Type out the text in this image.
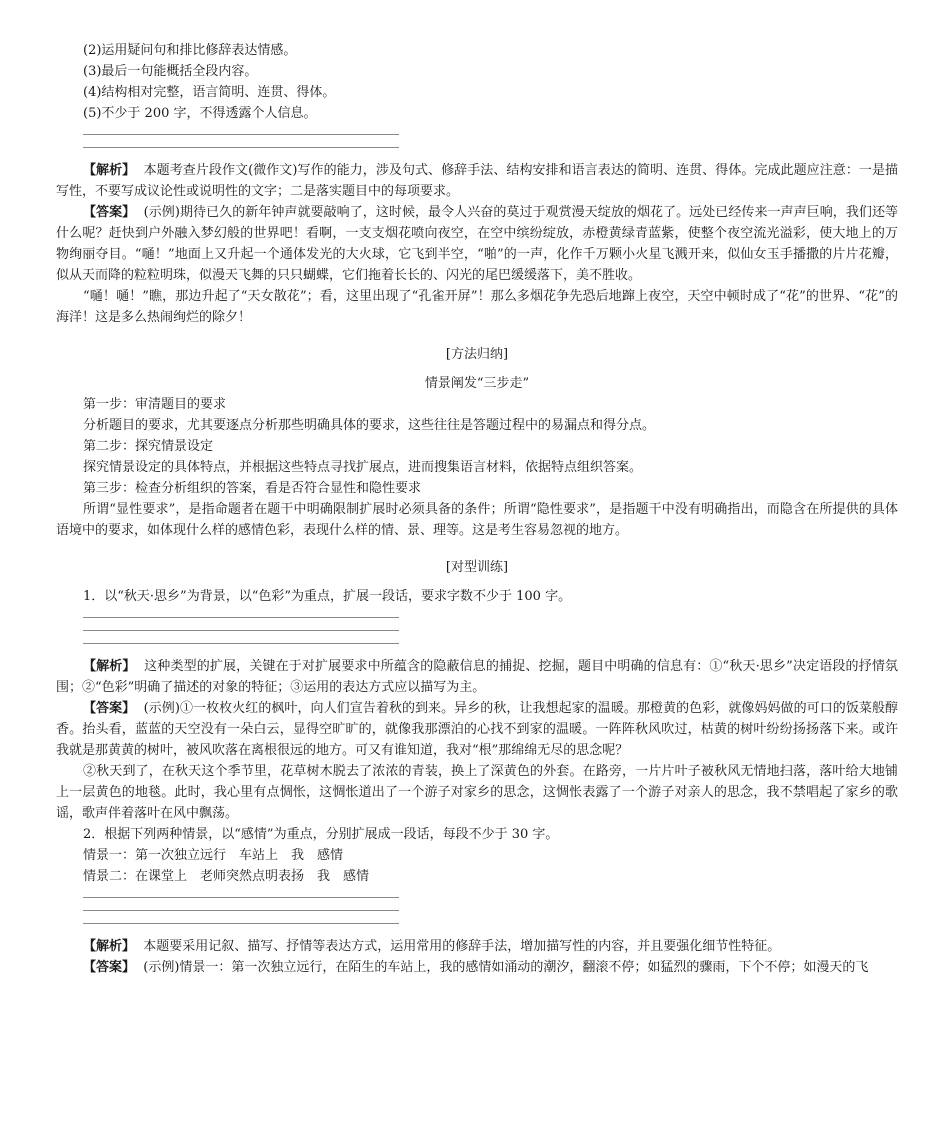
(2)运用疑问句和排比修辞表达情感。

(3)最后一句能概括全段内容。

(4)结构相对完整，语言简明、连贯、得体。

(5)不少于 200 字，不得透露个人信息。

【解析】 本题考查片段作文(微作文)写作的能力，涉及句式、修辞手法、结构安排和语言表达的简明、连贯、得体。完成此题应注意：一是描写性，不要写成议论性或说明性的文字；二是落实题目中的每项要求。

【答案】 (示例)期待已久的新年钟声就要敲响了，这时候，最令人兴奋的莫过于观赏漫天绽放的烟花了。远处已经传来一声声巨响，我们还等什么呢？赶快到户外融入梦幻般的世界吧！看啊，一支支烟花喷向夜空，在空中缤纷绽放，赤橙黄绿青蓝紫，使整个夜空流光溢彩，使大地上的万物绚丽夺目。“嗵！”地面上又升起一个通体发光的大火球，它飞到半空，“啪”的一声，化作千万颗小火星飞溅开来，似仙女玉手播撒的片片花瓣，似从天而降的粒粒明珠，似漫天飞舞的只只蝴蝶，它们拖着长长的、闪光的尾巴缓缓落下，美不胜收。

“嗵！嗵！”瞧，那边升起了“天女散花”；看，这里出现了“孔雀开屏”！那么多烟花争先恐后地蹿上夜空，天空中顿时成了“花”的世界、“花”的海洋！这是多么热闹绚烂的除夕！

[方法归纳]

情景阐发“三步走”

第一步：审清题目的要求

分析题目的要求，尤其要逐点分析那些明确具体的要求，这些往往是答题过程中的易漏点和得分点。

第二步：探究情景设定

探究情景设定的具体特点，并根据这些特点寻找扩展点，进而搜集语言材料，依据特点组织答案。

第三步：检查分析组织的答案，看是否符合显性和隐性要求

所谓“显性要求”，是指命题者在题干中明确限制扩展时必须具备的条件；所谓“隐性要求”，是指题干中没有明确指出，而隐含在所提供的具体语境中的要求，如体现什么样的感情色彩，表现什么样的情、景、理等。这是考生容易忽视的地方。

[对型训练]

1．以“秋天·思乡”为背景，以“色彩”为重点，扩展一段话，要求字数不少于 100 字。

【解析】 这种类型的扩展，关键在于对扩展要求中所蕴含的隐蔽信息的捕捉、挖掘，题目中明确的信息有：①“秋天·思乡”决定语段的抒情氛围；②“色彩”明确了描述的对象的特征；③运用的表达方式应以描写为主。

【答案】 (示例)①一枚枚火红的枫叶，向人们宣告着秋的到来。异乡的秋，让我想起家的温暖。那橙黄的色彩，就像妈妈做的可口的饭菜般醇香。抬头看，蓝蓝的天空没有一朵白云，显得空旷旷的，就像我那漂泊的心找不到家的温暖。一阵阵秋风吹过，枯黄的树叶纷纷扬扬落下来。或许我就是那黄黄的树叶，被风吹落在离根很远的地方。可又有谁知道，我对“根”那绵绵无尽的思念呢？

②秋天到了，在秋天这个季节里，花草树木脱去了浓浓的青装，换上了深黄色的外套。在路旁，一片片叶子被秋风无情地扫落，落叶给大地铺上一层黄色的地毯。此时，我心里有点惆怅，这惆怅道出了一个游子对家乡的思念，这惆怅表露了一个游子对亲人的思念，我不禁唱起了家乡的歌谣，歌声伴着落叶在风中飘荡。

2．根据下列两种情景，以“感情”为重点，分别扩展成一段话，每段不少于 30 字。

情景一：第一次独立远行　车站上　我　感情

情景二：在课堂上　老师突然点明表扬　我　感情

【解析】 本题要采用记叙、描写、抒情等表达方式，运用常用的修辞手法，增加描写性的内容，并且要强化细节性特征。

【答案】 (示例)情景一：第一次独立远行，在陌生的车站上，我的感情如涌动的潮汐，翻滚不停；如猛烈的骤雨，下个不停；如漫天的飞
